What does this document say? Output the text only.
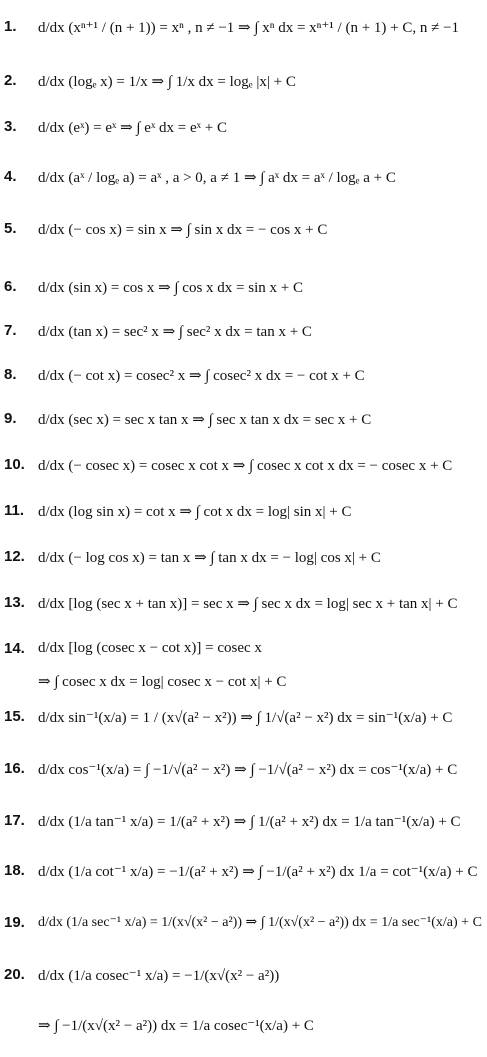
1. d/dx (xⁿ⁺¹ / (n + 1)) = xⁿ , n ≠ −1 ⇒ ∫ xⁿ dx = xⁿ⁺¹ / (n + 1) + C, n ≠ −1
2. d/dx (logₑ x) = 1/x ⇒ ∫ 1/x dx = logₑ |x| + C
3. d/dx (eˣ) = eˣ ⇒ ∫ eˣ dx = eˣ + C
4. d/dx (aˣ / logₑ a) = aˣ , a > 0, a ≠ 1 ⇒ ∫ aˣ dx = aˣ / logₑ a + C
5. d/dx (− cos x) = sin x ⇒ ∫ sin x dx = − cos x + C
6. d/dx (sin x) = cos x ⇒ ∫ cos x dx = sin x + C
7. d/dx (tan x) = sec² x ⇒ ∫ sec² x dx = tan x + C
8. d/dx (− cot x) = cosec² x ⇒ ∫ cosec² x dx = − cot x + C
9. d/dx (sec x) = sec x tan x ⇒ ∫ sec x tan x dx = sec x + C
10. d/dx (− cosec x) = cosec x cot x ⇒ ∫ cosec x cot x dx = − cosec x + C
11. d/dx (log sin x) = cot x ⇒ ∫ cot x dx = log| sin x| + C
12. d/dx (− log cos x) = tan x ⇒ ∫ tan x dx = − log| cos x| + C
13. d/dx [log (sec x + tan x)] = sec x ⇒ ∫ sec x dx = log| sec x + tan x| + C
14. d/dx [log (cosec x − cot x)] = cosec x
⇒ ∫ cosec x dx = log| cosec x − cot x| + C
15. d/dx sin⁻¹(x/a) = 1 / (x√(a² − x²)) ⇒ ∫ 1/√(a² − x²) dx = sin⁻¹(x/a) + C
16. d/dx cos⁻¹(x/a) = ∫ −1/√(a² − x²) ⇒ ∫ −1/√(a² − x²) dx = cos⁻¹(x/a) + C
17. d/dx (1/a tan⁻¹ x/a) = 1/(a² + x²) ⇒ ∫ 1/(a² + x²) dx = 1/a tan⁻¹(x/a) + C
18. d/dx (1/a cot⁻¹ x/a) = −1/(a² + x²) ⇒ ∫ −1/(a² + x²) dx 1/a = cot⁻¹(x/a) + C
19. d/dx (1/a sec⁻¹ x/a) = 1/(x√(x² − a²)) ⇒ ∫ 1/(x√(x² − a²)) dx = 1/a sec⁻¹(x/a) + C
20. d/dx (1/a cosec⁻¹ x/a) = −1/(x√(x² − a²))
⇒ ∫ −1/(x√(x² − a²)) dx = 1/a cosec⁻¹(x/a) + C
